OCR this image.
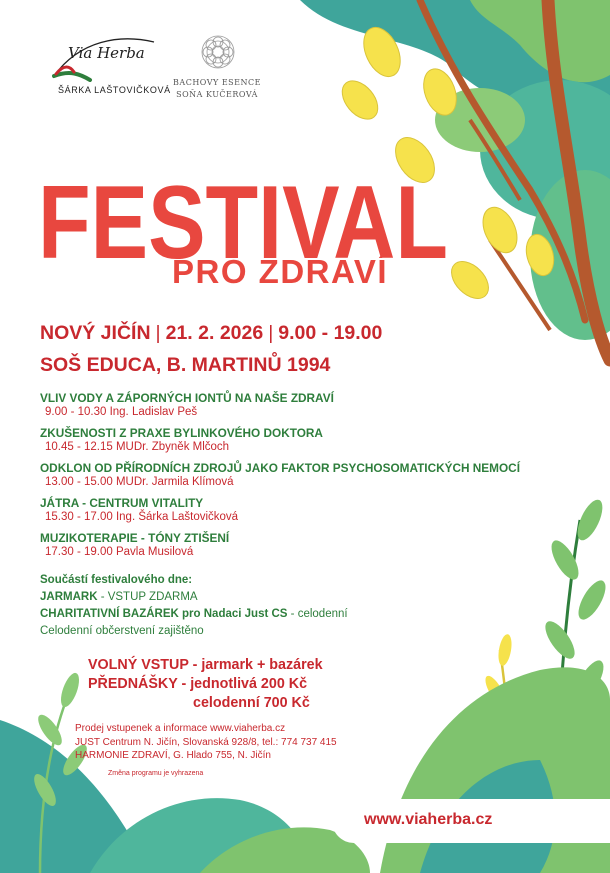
Via Herba
ŠÁRKA LAŠTOVIČKOVÁ
BACHOVY ESENCE
SOŇA KUČEROVÁ
FESTIVAL
PRO ZDRAVÍ
NOVÝ JIČÍN | 21. 2. 2026 | 9.00 - 19.00
SOŠ EDUCA, B. MARTINŮ 1994
VLIV VODY A ZÁPORNÝCH IONTŮ NA NAŠE ZDRAVÍ
9.00 - 10.30 Ing. Ladislav Peš
ZKUŠENOSTI Z PRAXE BYLINKOVÉHO DOKTORA
10.45 - 12.15 MUDr. Zbyněk Mlčoch
ODKLON OD PŘÍRODNÍCH ZDROJŮ JAKO FAKTOR PSYCHOSOMATICKÝCH NEMOCÍ
13.00 - 15.00 MUDr. Jarmila Klímová
JÁTRA - CENTRUM VITALITY
15.30 - 17.00 Ing. Šárka Laštovičková
MUZIKOTERAPIE - TÓNY ZTIŠENÍ
17.30 - 19.00 Pavla Musilová
Součástí festivalového dne:
JARMARK - VSTUP ZDARMA
CHARITATIVNÍ BAZÁREK pro Nadaci Just CS - celodenní
Celodenní občerstvení zajištěno
VOLNÝ VSTUP - jarmark + bazárek
PŘEDNÁŠKY - jednotlivá 200 Kč
celodenní 700 Kč
Prodej vstupenek a informace www.viaherba.cz
JUST Centrum N. Jičín, Slovanská 928/8, tel.: 774 737 415
HARMONIE ZDRAVÍ, G. Hlado 755, N. Jičín
Změna programu je vyhrazena
www.viaherba.cz
